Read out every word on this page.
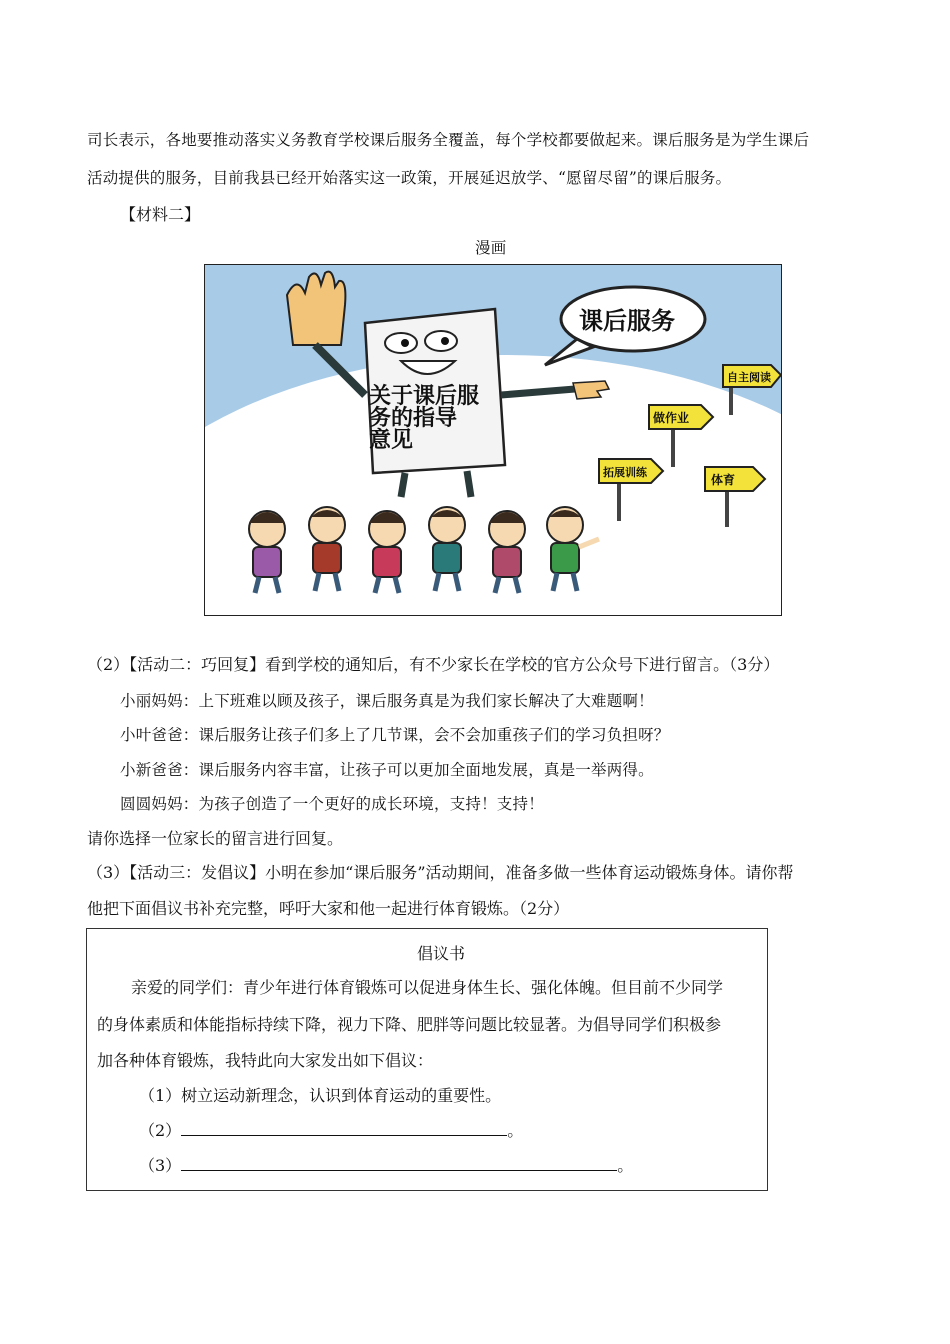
司长表示，各地要推动落实义务教育学校课后服务全覆盖，每个学校都要做起来。课后服务是为学生课后
活动提供的服务，目前我县已经开始落实这一政策，开展延迟放学、“愿留尽留”的课后服务。
【材料二】
漫画
关于课后服
务的指导
意见
课后服务
自主阅读
做作业
拓展训练
体育
（2）【活动二：巧回复】看到学校的通知后，有不少家长在学校的官方公众号下进行留言。（3分）
小丽妈妈：上下班难以顾及孩子，课后服务真是为我们家长解决了大难题啊！
小叶爸爸：课后服务让孩子们多上了几节课，会不会加重孩子们的学习负担呀？
小新爸爸：课后服务内容丰富，让孩子可以更加全面地发展，真是一举两得。
圆圆妈妈：为孩子创造了一个更好的成长环境，支持！支持！
请你选择一位家长的留言进行回复。
（3）【活动三：发倡议】小明在参加“课后服务”活动期间，准备多做一些体育运动锻炼身体。请你帮
他把下面倡议书补充完整，呼吁大家和他一起进行体育锻炼。（2分）
倡议书
亲爱的同学们：青少年进行体育锻炼可以促进身体生长、强化体魄。但目前不少同学
的身体素质和体能指标持续下降，视力下降、肥胖等问题比较显著。为倡导同学们积极参
加各种体育锻炼，我特此向大家发出如下倡议：
（1）树立运动新理念，认识到体育运动的重要性。
（2）	。
（3）	。
